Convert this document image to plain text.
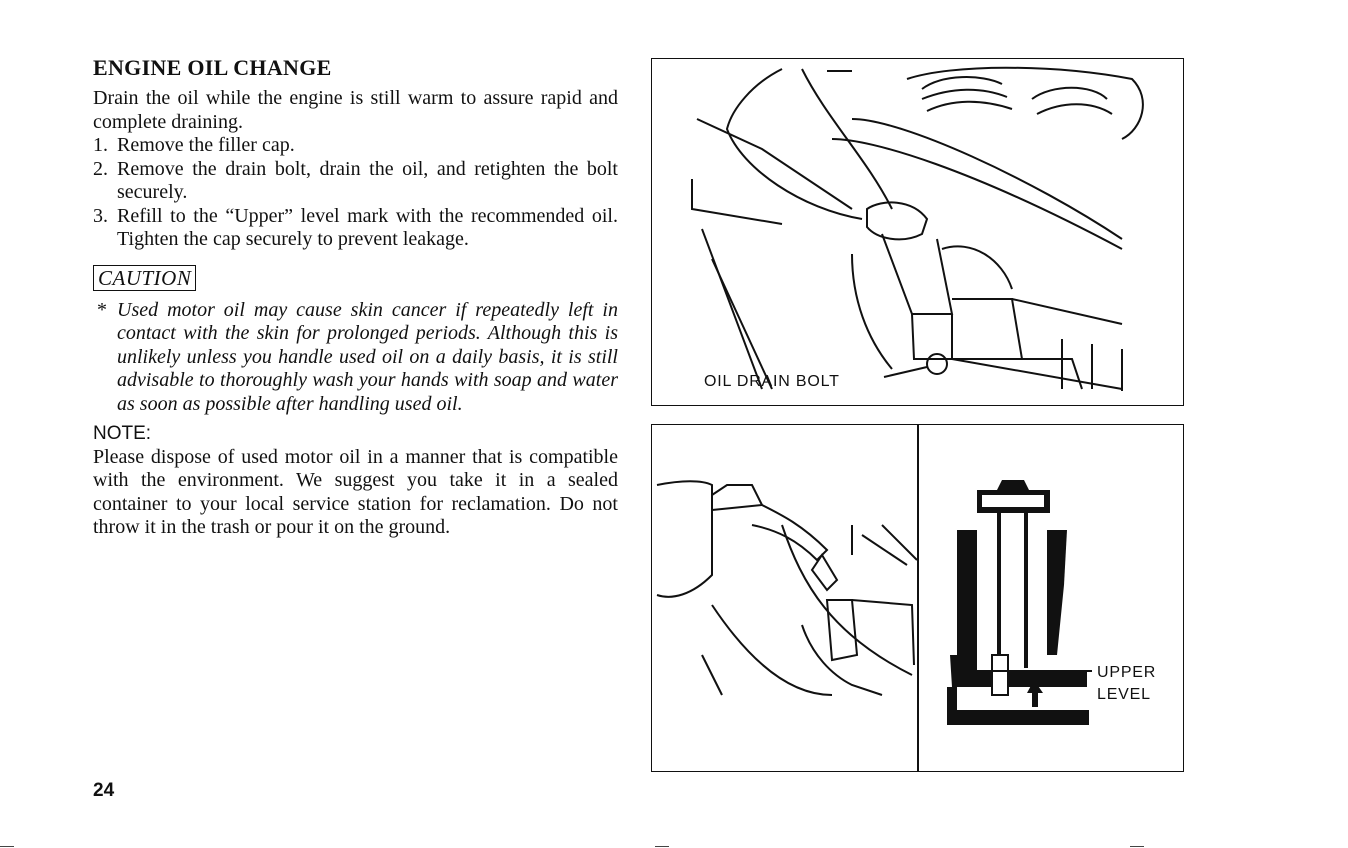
ENGINE OIL CHANGE

Drain the oil while the engine is still warm to assure rapid and complete draining.

1. Remove the filler cap.
2. Remove the drain bolt, drain the oil, and retighten the bolt securely.
3. Refill to the “Upper” level mark with the recommended oil. Tighten the cap securely to prevent leakage.
CAUTION
* Used motor oil may cause skin cancer if repeatedly left in contact with the skin for prolonged periods. Although this is unlikely unless you handle used oil on a daily basis, it is still advisable to thoroughly wash your hands with soap and water as soon as possible after handling used oil.
NOTE:

Please dispose of used motor oil in a manner that is compatible with the environment. We suggest you take it in a sealed container to your local service station for reclamation. Do not throw it in the trash or pour it on the ground.

OIL DRAIN BOLT
UPPER
LEVEL
24
